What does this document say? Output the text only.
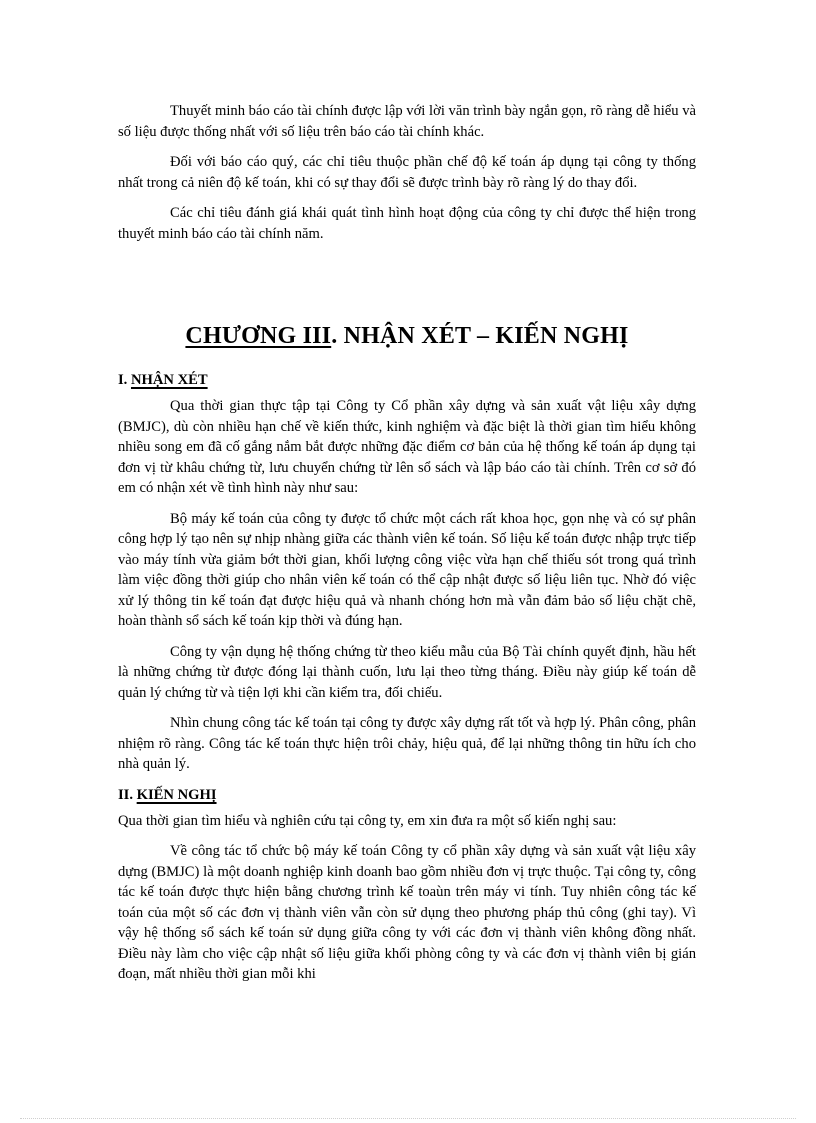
Thuyết minh báo cáo tài chính được lập với lời văn trình bày ngắn gọn, rõ ràng dễ hiểu và số liệu được thống nhất với số liệu trên báo cáo tài chính khác.

Đối với báo cáo quý, các chỉ tiêu thuộc phần chế độ kế toán áp dụng tại công ty thống nhất trong cả niên độ kế toán, khi có sự thay đổi sẽ được trình bày rõ ràng lý do thay đổi.

Các chỉ tiêu đánh giá khái quát tình hình hoạt động của công ty chỉ được thể hiện trong thuyết minh báo cáo tài chính năm.

CHƯƠNG III. NHẬN XÉT – KIẾN NGHỊ
I. NHẬN XÉT

Qua thời gian thực tập tại Công ty Cổ phần xây dựng và sản xuất vật liệu xây dựng (BMJC), dù còn nhiều hạn chế về kiến thức, kinh nghiệm và đặc biệt là thời gian tìm hiểu không nhiều song em đã cố gắng nắm bắt được những đặc điểm cơ bản của hệ thống kế toán áp dụng tại đơn vị từ khâu chứng từ, lưu chuyển chứng từ lên sổ sách và lập báo cáo tài chính. Trên cơ sở đó em có nhận xét về tình hình này như sau:

Bộ máy kế toán của công ty được tổ chức một cách rất khoa học, gọn nhẹ và có sự phân công hợp lý tạo nên sự nhịp nhàng giữa các thành viên kế toán. Số liệu kế toán được nhập trực tiếp vào máy tính vừa giảm bớt thời gian, khối lượng công việc vừa hạn chế thiếu sót trong quá trình làm việc đồng thời giúp cho nhân viên kế toán có thể cập nhật được số liệu liên tục. Nhờ đó việc xử lý thông tin kế toán đạt được hiệu quả và nhanh chóng hơn mà vẫn đảm bảo số liệu chặt chẽ, hoàn thành sổ sách kế toán kịp thời và đúng hạn.

Công ty vận dụng hệ thống chứng từ theo kiểu mẫu của Bộ Tài chính quyết định, hầu hết là những chứng từ được đóng lại thành cuốn, lưu lại theo từng tháng. Điều này giúp kế toán dễ quản lý chứng từ và tiện lợi khi cần kiểm tra, đối chiếu.

Nhìn chung công tác kế toán tại công ty được xây dựng rất tốt và hợp lý. Phân công, phân nhiệm rõ ràng. Công tác kế toán thực hiện trôi chảy, hiệu quả, để lại những thông tin hữu ích cho nhà quản lý.

II. KIẾN NGHỊ

Qua thời gian tìm hiểu và nghiên cứu tại công ty, em xin đưa ra một số kiến nghị sau:

Về công tác tổ chức bộ máy kế toán Công ty cổ phần xây dựng và sản xuất vật liệu xây dựng (BMJC) là một doanh nghiệp kinh doanh bao gồm nhiều đơn vị trực thuộc. Tại công ty, công tác kế toán được thực hiện bằng chương trình kế toaùn trên máy vi tính. Tuy nhiên công tác kế toán của một số các đơn vị thành viên vẫn còn sử dụng theo phương pháp thủ công (ghi tay). Vì vậy hệ thống sổ sách kế toán sử dụng giữa công ty với các đơn vị thành viên không đồng nhất. Điều này làm cho việc cập nhật số liệu giữa khối phòng công ty và các đơn vị thành viên bị gián đoạn, mất nhiều thời gian mỗi khi
